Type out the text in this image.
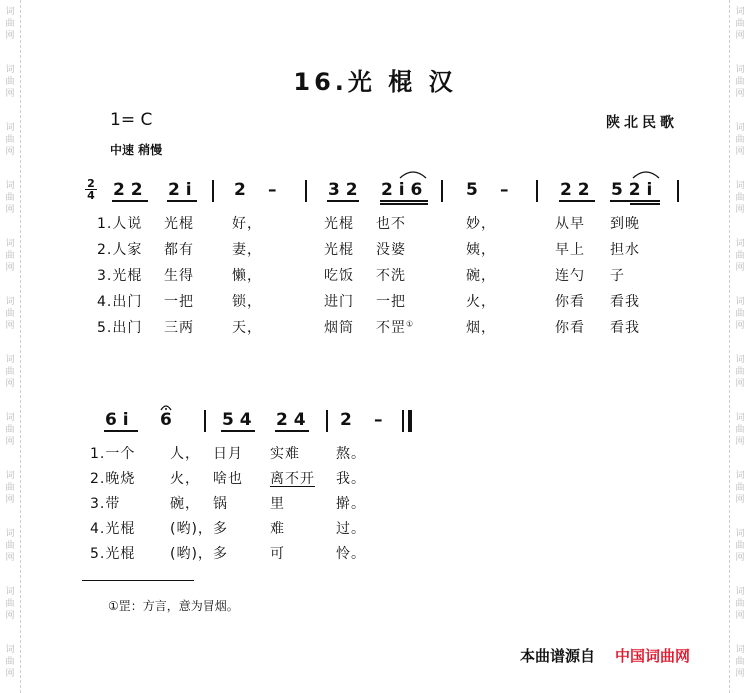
词
曲
网
词
曲
网
词
曲
网
词
曲
网
词
曲
网
词
曲
网
词
曲
网
词
曲
网
词
曲
网
词
曲
网
词
曲
网
词
曲
网
词
曲
网
词
曲
网
词
曲
网
词
曲
网
词
曲
网
词
曲
网
词
曲
网
词
曲
网
词
曲
网
词
曲
网
词
曲
网
词
曲
网
16.光 棍 汉
1= C	陕北民歌
中速 稍慢
2
4 2 2 2 i 2 –	3 2 2 i 6	5 –	2 2 5 2 i
1.人说 光棍	好，	光棍 也不	妙，	从早 到晚
2.人家 都有	妻，	光棍 没婆	姨，	早上 担水
3.光棍 生得	懒，	吃饭 不洗	碗，	连勺 子
4.出门 一把	锁，	进门 一把	火，	你看 看我
5.出门 三两	天，	烟筒 不罡①	烟，	你看 看我
6 i 6	5 4 2 4 2 –
1.一个 人， 日月 实难	熬。
2.晚烧 火， 啥也 离不开 我。
3.带	碗， 锅	里	擀。
4.光棍 (哟)， 多	难	过。
5.光棍 (哟)， 多	可	怜。
①罡：方言，意为冒烟。
本曲谱源自 中国词曲网
